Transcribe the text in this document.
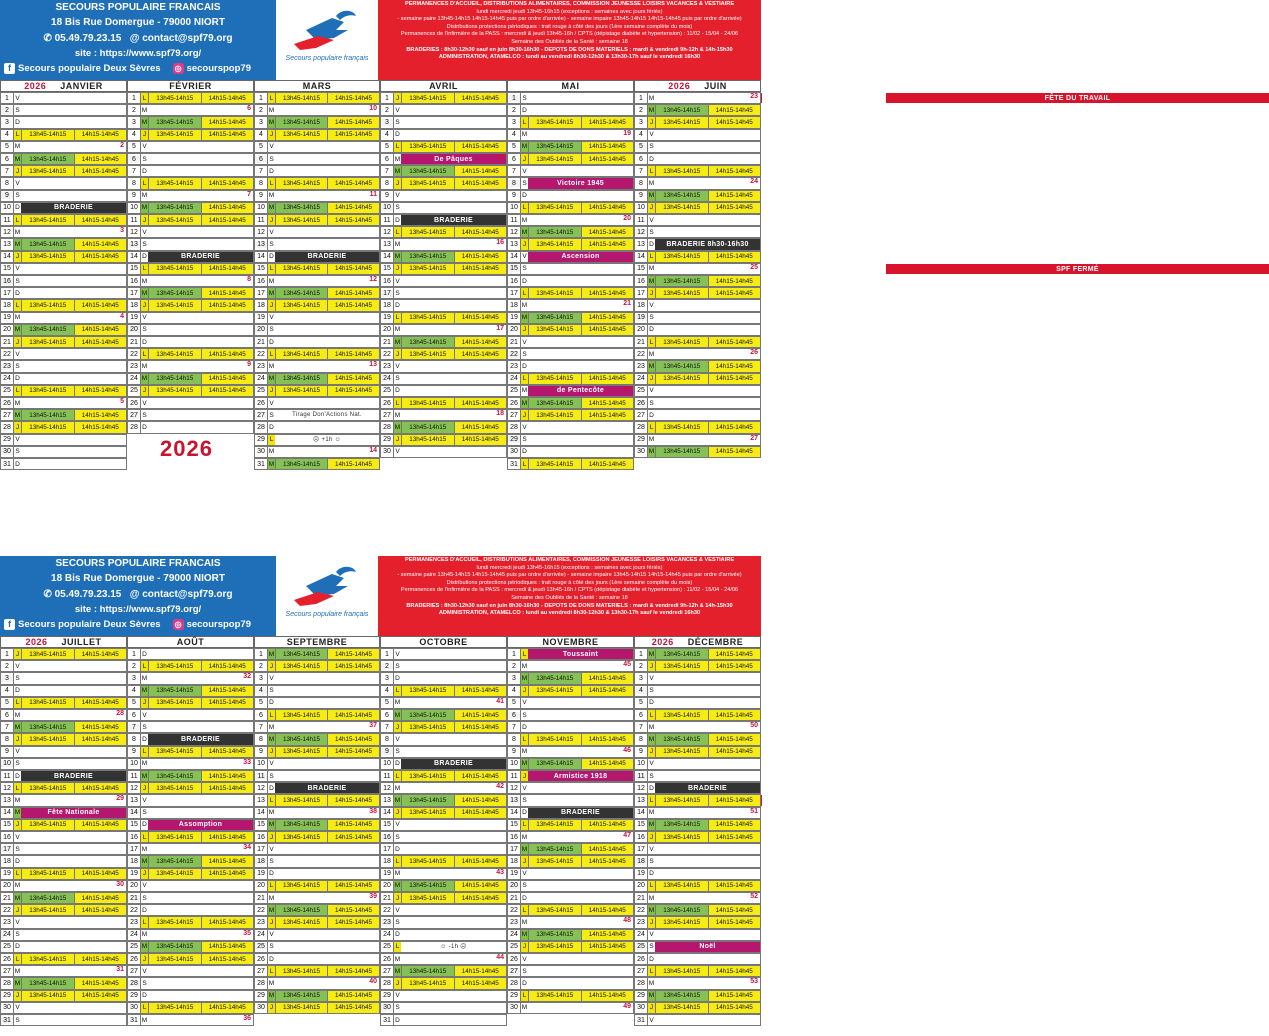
SECOURS POPULAIRE FRANCAIS
18 Bis Rue Domergue - 79000 NIORT
✆ 05.49.79.23.15 @ contact@spf79.org
site : https://www.spf79.org/
f Secours populaire Deux Sèvres ◎ secourspop79
Secours populaire français
PERMANENCES D'ACCUEIL, DISTRIBUTIONS ALIMENTAIRES, COMMISSION JEUNESSE LOISIRS VACANCES & VESTIAIRE
lundi mercredi jeudi 13h45-16h15 (exceptions : semaines avec jours fériés)
- semaine paire 13h45-14h15 14h15-14h45 puis par ordre d'arrivée) - semaine impaire 13h45-14h15 14h15-14h45 puis par ordre d'arrivée)
Distributions protections périodiques : trait rouge à côté des jours (1ère semaine complète du mois)
Permanences de l'infirmière de la PASS : mercredi & jeudi 13h45-16h / CPTS (dépistage diabète et hypertension) : 11/02 - 15/04 - 24/06
Semaine des Oubliés de la Santé : semaine 18
BRADERIES : 8h30-12h30 sauf en juin 8h30-16h30 - DEPOTS DE DONS MATERIELS : mardi & vendredi 9h-12h & 14h-15h30
ADMINISTRATION, ATAMELCO : lundi au vendredi 8h30-12h30 & 13h30-17h sauf le vendredi 16h30
2026 JANVIER
1 V
2 S
3 D
4	L	13h45-14h15	14h15-14h45
5 M	2
6 M	13h45-14h15	14h15-14h45
7	J	13h45-14h15	14h15-14h45
8 V
9 S
10 D	BRADERIE
11 L	13h45-14h15	14h15-14h45
12 M	3
13 M	13h45-14h15	14h15-14h45
14 J	13h45-14h15	14h15-14h45
15 V
16 S
17 D
18 L	13h45-14h15	14h15-14h45
19 M	4
20 M	13h45-14h15	14h15-14h45
21 J	13h45-14h15	14h15-14h45
22 V
23 S
24 D
25 L	13h45-14h15	14h15-14h45
26 M	5
27 M	13h45-14h15	14h15-14h45
28 J	13h45-14h15	14h15-14h45
29 V
30 S
31 D
FÉVRIER
1	L	13h45-14h15	14h15-14h45
2 M	6
3 M	13h45-14h15	14h15-14h45
4	J	13h45-14h15	14h15-14h45
5 V
6 S
7 D
8	L	13h45-14h15	14h15-14h45
9 M	7
10 M	13h45-14h15	14h15-14h45
11 J	13h45-14h15	14h15-14h45
12 V
13 S
14 D	BRADERIE
15 L	13h45-14h15	14h15-14h45
16 M	8
17 M	13h45-14h15	14h15-14h45
18 J	13h45-14h15	14h15-14h45
19 V
20 S
21 D
22 L	13h45-14h15	14h15-14h45
23 M	9
24 M	13h45-14h15	14h15-14h45
25 J	13h45-14h15	14h15-14h45
26 V
27 S
28 D
MARS
1	L	13h45-14h15	14h15-14h45
2 M	10
3 M	13h45-14h15	14h15-14h45
4	J	13h45-14h15	14h15-14h45
5 V
6 S
7 D
8	L	13h45-14h15	14h15-14h45
9 M	11
10 M	13h45-14h15	14h15-14h45
11 J	13h45-14h15	14h15-14h45
12 V
13 S
14 D	BRADERIE
15 L	13h45-14h15	14h15-14h45
16 M	12
17 M	13h45-14h15	14h15-14h45
18 J	13h45-14h15	14h15-14h45
19 V
20 S
21 D
22 L	13h45-14h15	14h15-14h45
23 M	13
24 M	13h45-14h15	14h15-14h45
25 J	13h45-14h15	14h15-14h45
26 V
27 S	Tirage Don'Actions Nat.
28 D
29 L	☹ +1h ☺
30 M	14
31 M	13h45-14h15	14h15-14h45
AVRIL
1	J	13h45-14h15	14h15-14h45
2 V
3 S
4 D
5	L	13h45-14h15	14h15-14h45
6 M	De Pâques	15
7 M	13h45-14h15	14h15-14h45
8	J	13h45-14h15	14h15-14h45
9 V
10 S
11 D	BRADERIE
12 L	13h45-14h15	14h15-14h45
13 M	16
14 M	13h45-14h15	14h15-14h45
15 J	13h45-14h15	14h15-14h45
16 V
17 S
18 D
19 L	13h45-14h15	14h15-14h45
20 M	17
21 M	13h45-14h15	14h15-14h45
22 J	13h45-14h15	14h15-14h45
23 V
24 S
25 D
26 L	13h45-14h15	14h15-14h45
27 M	18
28 M	13h45-14h15	14h15-14h45
29 J	13h45-14h15	14h15-14h45
30 V
MAI
1 S	FÊTE DU TRAVAIL
2 D
3	L	13h45-14h15	14h15-14h45
4 M	19
5 M	13h45-14h15	14h15-14h45
6	J	13h45-14h15	14h15-14h45
7 V
8 S	Victoire 1945
9 D
10 L	13h45-14h15	14h15-14h45
11 M	20
12 M	13h45-14h15	14h15-14h45
13 J	13h45-14h15	14h15-14h45
14 V	Ascension
15 S	SPF FERMÉ
16 D
17 L	13h45-14h15	14h15-14h45
18 M	21
19 M	13h45-14h15	14h15-14h45
20 J	13h45-14h15	14h15-14h45
21 V
22 S
23 D
24 L	13h45-14h15	14h15-14h45
25 M	de Pentecôte	22
26 M	13h45-14h15	14h15-14h45
27 J	13h45-14h15	14h15-14h45
28 V
29 S
30 D
31 L	13h45-14h15	14h15-14h45
2026 JUIN
1 M	23
2 M	13h45-14h15	14h15-14h45
3	J	13h45-14h15	14h15-14h45
4 V
5 S
6 D
7	L	13h45-14h15	14h15-14h45
8 M	24
9 M	13h45-14h15	14h15-14h45
10 J	13h45-14h15	14h15-14h45
11 V
12 S
13 D	BRADERIE 8h30-16h30
14 L	13h45-14h15	14h15-14h45
15 M	25
16 M	13h45-14h15	14h15-14h45
17 J	13h45-14h15	14h15-14h45
18 V
19 S
20 D
21 L	13h45-14h15	14h15-14h45
22 M	26
23 M	13h45-14h15	14h15-14h45
24 J	13h45-14h15	14h15-14h45
25 V
26 S
27 D
28 L	13h45-14h15	14h15-14h45
29 M	27
30 M	13h45-14h15	14h15-14h45
SECOURS POPULAIRE FRANCAIS
18 Bis Rue Domergue - 79000 NIORT
✆ 05.49.79.23.15 @ contact@spf79.org
site : https://www.spf79.org/
f Secours populaire Deux Sèvres ◎ secourspop79
Secours populaire français
PERMANENCES D'ACCUEIL, DISTRIBUTIONS ALIMENTAIRES, COMMISSION JEUNESSE LOISIRS VACANCES & VESTIAIRE
lundi mercredi jeudi 13h45-16h15 (exceptions : semaines avec jours fériés)
- semaine paire 13h45-14h15 14h15-14h45 puis par ordre d'arrivée) - semaine impaire 13h45-14h15 14h15-14h45 puis par ordre d'arrivée)
Distributions protections périodiques : trait rouge à côté des jours (1ère semaine complète du mois)
Permanences de l'infirmière de la PASS : mercredi & jeudi 13h45-16h / CPTS (dépistage diabète et hypertension) : 11/02 - 15/04 - 24/06
Semaine des Oubliés de la Santé : semaine 18
BRADERIES : 8h30-12h30 sauf en juin 8h30-16h30 - DEPOTS DE DONS MATERIELS : mardi & vendredi 9h-12h & 14h-15h30
ADMINISTRATION, ATAMELCO : lundi au vendredi 8h30-12h30 & 13h30-17h sauf le vendredi 16h30
2026 JUILLET
1	J	13h45-14h15	14h15-14h45
2 V
3 S
4 D
5	L	13h45-14h15	14h15-14h45
6 M	28
7 M	13h45-14h15	14h15-14h45
8	J	13h45-14h15	14h15-14h45
9 V
10 S
11 D	BRADERIE
12 L	13h45-14h15	14h15-14h45
13 M	29
14 M	Fête Nationale
15 J	13h45-14h15	14h15-14h45
16 V
17 S
18 D
19 L	13h45-14h15	14h15-14h45
20 M	30
21 M	13h45-14h15	14h15-14h45
22 J	13h45-14h15	14h15-14h45
23 V
24 S
25 D
26 L	13h45-14h15	14h15-14h45
27 M	31
28 M	13h45-14h15	14h15-14h45
29 J	13h45-14h15	14h15-14h45
30 V
31 S
AOÛT
1 D
2	L	13h45-14h15	14h15-14h45
3 M	32
4 M	13h45-14h15	14h15-14h45
5	J	13h45-14h15	14h15-14h45
6 V
7 S
8 D	BRADERIE
9	L	13h45-14h15	14h15-14h45
10 M	33
11 M	13h45-14h15	14h15-14h45
12 J	13h45-14h15	14h15-14h45
13 V
14 S
15 D	Assomption
16 L	13h45-14h15	14h15-14h45
17 M	34
18 M	13h45-14h15	14h15-14h45
19 J	13h45-14h15	14h15-14h45
20 V
21 S
22 D
23 L	13h45-14h15	14h15-14h45
24 M	35
25 M	13h45-14h15	14h15-14h45
26 J	13h45-14h15	14h15-14h45
27 V
28 S
29 D
30 L	13h45-14h15	14h15-14h45
31 M	36
SEPTEMBRE
1 M	13h45-14h15	14h15-14h45
2	J	13h45-14h15	14h15-14h45
3 V
4 S
5 D
6	L	13h45-14h15	14h15-14h45
7 M	37
8 M	13h45-14h15	14h15-14h45
9	J	13h45-14h15	14h15-14h45
10 V
11 S
12 D	BRADERIE
13 L	13h45-14h15	14h15-14h45
14 M	38
15 M	13h45-14h15	14h15-14h45
16 J	13h45-14h15	14h15-14h45
17 V
18 S
19 D
20 L	13h45-14h15	14h15-14h45
21 M	39
22 M	13h45-14h15	14h15-14h45
23 J	13h45-14h15	14h15-14h45
24 V
25 S
26 D
27 L	13h45-14h15	14h15-14h45
28 M	40
29 M	13h45-14h15	14h15-14h45
30 J	13h45-14h15	14h15-14h45
OCTOBRE
1 V
2 S
3 D
4	L	13h45-14h15	14h15-14h45
5 M	41
6 M	13h45-14h15	14h15-14h45
7	J	13h45-14h15	14h15-14h45
8 V
9 S
10 D	BRADERIE
11 L	13h45-14h15	14h15-14h45
12 M	42
13 M	13h45-14h15	14h15-14h45
14 J	13h45-14h15	14h15-14h45
15 V
16 S
17 D
18 L	13h45-14h15	14h15-14h45
19 M	43
20 M	13h45-14h15	14h15-14h45
21 J	13h45-14h15	14h15-14h45
22 V
23 S
24 D
25 L	☺ -1h ☹
26 M	44
27 M	13h45-14h15	14h15-14h45
28 J	13h45-14h15	14h15-14h45
29 V
30 S
31 D
NOVEMBRE
1	L	Toussaint
2 M	45
3 M	13h45-14h15	14h15-14h45
4	J	13h45-14h15	14h15-14h45
5 V
6 S
7 D
8	L	13h45-14h15	14h15-14h45
9 M	46
10 M	13h45-14h15	14h15-14h45
11 J	Armistice 1918
12 V
13 S
14 D	BRADERIE
15 L	13h45-14h15	14h15-14h45
16 M	47
17 M	13h45-14h15	14h15-14h45
18 J	13h45-14h15	14h15-14h45
19 V
20 S
21 D
22 L	13h45-14h15	14h15-14h45
23 M	48
24 M	13h45-14h15	14h15-14h45
25 J	13h45-14h15	14h15-14h45
26 V
27 S
28 D
29 L	13h45-14h15	14h15-14h45
30 M	49
2026 DÉCEMBRE
1 M	13h45-14h15	14h15-14h45
2	J	13h45-14h15	14h15-14h45
3 V
4 S
5 D
6	L	13h45-14h15	14h15-14h45
7 M	50
8 M	13h45-14h15	14h15-14h45
9	J	13h45-14h15	14h15-14h45
10 V
11 S
12 D	BRADERIE
13 L	13h45-14h15	14h15-14h45
14 M	51
15 M	13h45-14h15	14h15-14h45
16 J	13h45-14h15	14h15-14h45
17 V
18 S
19 D
20 L	13h45-14h15	14h15-14h45
21 M	52
22 M	13h45-14h15	14h15-14h45
23 J	13h45-14h15	14h15-14h45
24 V
25 S	Noël
26 D
27 L	13h45-14h15	14h15-14h45
28 M	53
29 M	13h45-14h15	14h15-14h45
30 J	13h45-14h15	14h15-14h45
31 V
2026
